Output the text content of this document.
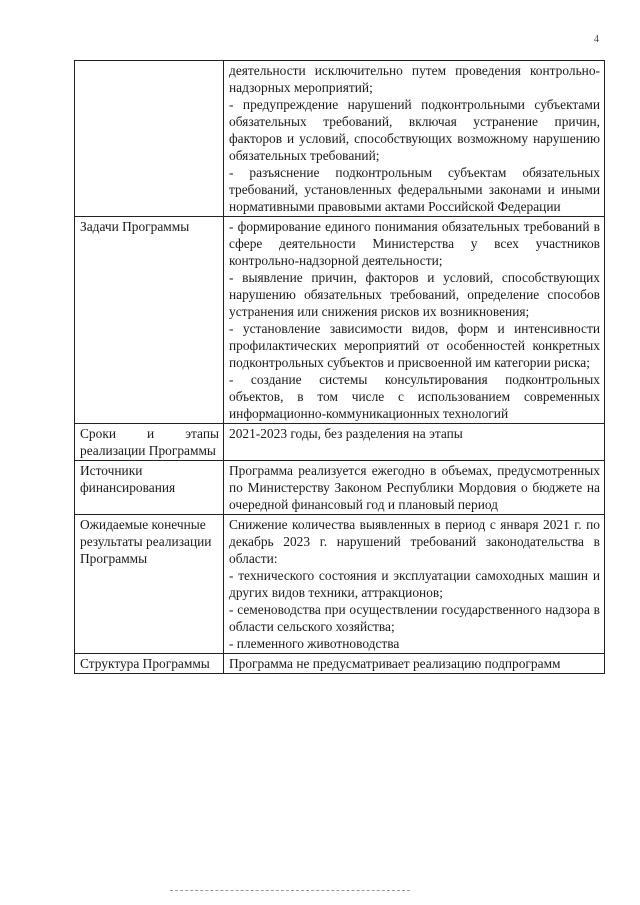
4

	деятельности исключительно путем проведения контрольно-надзорных мероприятий;
- предупреждение нарушений подконтрольными субъектами обязательных требований, включая устранение причин, факторов и условий, способствующих возможному нарушению обязательных требований;
- разъяснение подконтрольным субъектам обязательных требований, установленных федеральными законами и иными нормативными правовыми актами Российской Федерации

Задачи Программы	- формирование единого понимания обязательных требований в сфере деятельности Министерства у всех участников контрольно-надзорной деятельности;
- выявление причин, факторов и условий, способствующих нарушению обязательных требований, определение способов устранения или снижения рисков их возникновения;
- установление зависимости видов, форм и интенсивности профилактических мероприятий от особенностей конкретных подконтрольных субъектов и присвоенной им категории риска;
- создание системы консультирования подконтрольных объектов, в том числе с использованием современных информационно-коммуникационных технологий

Сроки и этапы реализации Программы	2021-2023 годы, без разделения на этапы

Источники финансирования	Программа реализуется ежегодно в объемах, предусмотренных по Министерству Законом Республики Мордовия о бюджете на очередной финансовый год и плановый период

Ожидаемые конечные результаты реализации Программы	Снижение количества выявленных в период с января 2021 г. по декабрь 2023 г. нарушений требований законодательства в области:
- технического состояния и эксплуатации самоходных машин и других видов техники, аттракционов;
- семеноводства при осуществлении государственного надзора в области сельского хозяйства;
- племенного животноводства

Структура Программы	Программа не предусматривает реализацию подпрограмм
